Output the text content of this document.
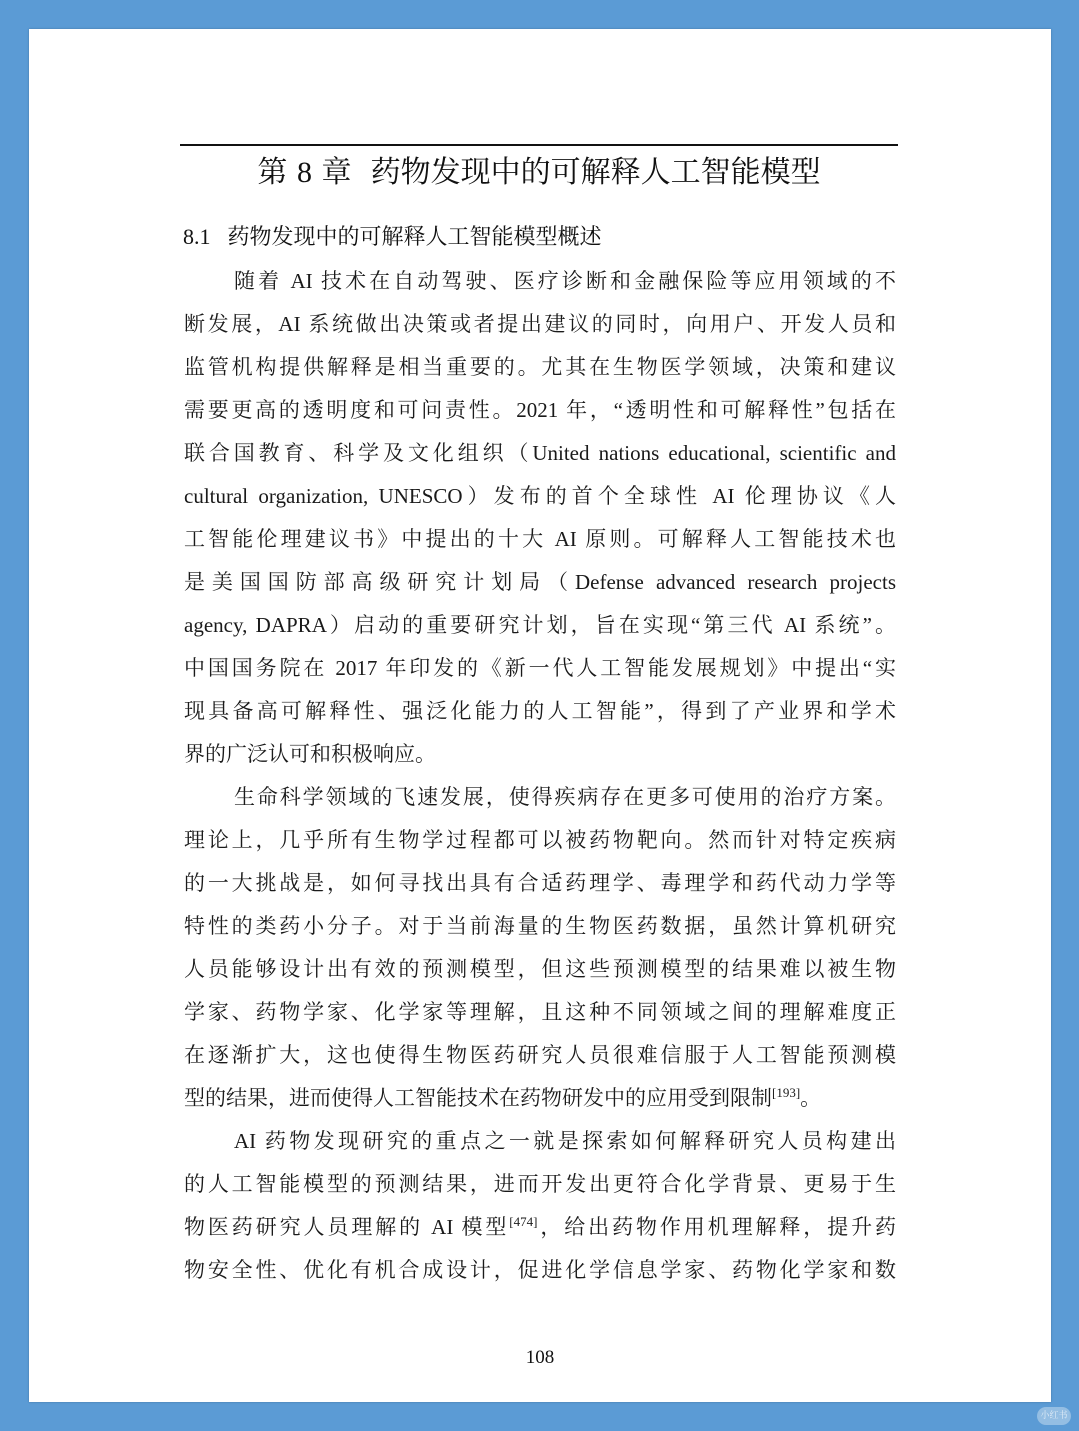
第 8 章 药物发现中的可解释人工智能模型
8.1 药物发现中的可解释人工智能模型概述
随着 AI 技术在自动驾驶、医疗诊断和金融保险等应用领域的不
断发展，AI 系统做出决策或者提出建议的同时，向用户、开发人员和
监管机构提供解释是相当重要的。尤其在生物医学领域，决策和建议
需要更高的透明度和可问责性。2021 年，“透明性和可解释性”包括在
联合国教育、科学及文化组织（United nations educational, scientific and
cultural organization, UNESCO）发布的首个全球性 AI 伦理协议《人
工智能伦理建议书》中提出的十大 AI 原则。可解释人工智能技术也
是美国国防部高级研究计划局（Defense advanced research projects
agency, DAPRA）启动的重要研究计划，旨在实现“第三代 AI 系统”。
中国国务院在 2017 年印发的《新一代人工智能发展规划》中提出“实
现具备高可解释性、强泛化能力的人工智能”，得到了产业界和学术
界的广泛认可和积极响应。
生命科学领域的飞速发展，使得疾病存在更多可使用的治疗方案。
理论上，几乎所有生物学过程都可以被药物靶向。然而针对特定疾病
的一大挑战是，如何寻找出具有合适药理学、毒理学和药代动力学等
特性的类药小分子。对于当前海量的生物医药数据，虽然计算机研究
人员能够设计出有效的预测模型，但这些预测模型的结果难以被生物
学家、药物学家、化学家等理解，且这种不同领域之间的理解难度正
在逐渐扩大，这也使得生物医药研究人员很难信服于人工智能预测模
型的结果，进而使得人工智能技术在药物研发中的应用受到限制[193]。
AI 药物发现研究的重点之一就是探索如何解释研究人员构建出
的人工智能模型的预测结果，进而开发出更符合化学背景、更易于生
物医药研究人员理解的 AI 模型[474]，给出药物作用机理解释，提升药
物安全性、优化有机合成设计，促进化学信息学家、药物化学家和数
108
小红书
